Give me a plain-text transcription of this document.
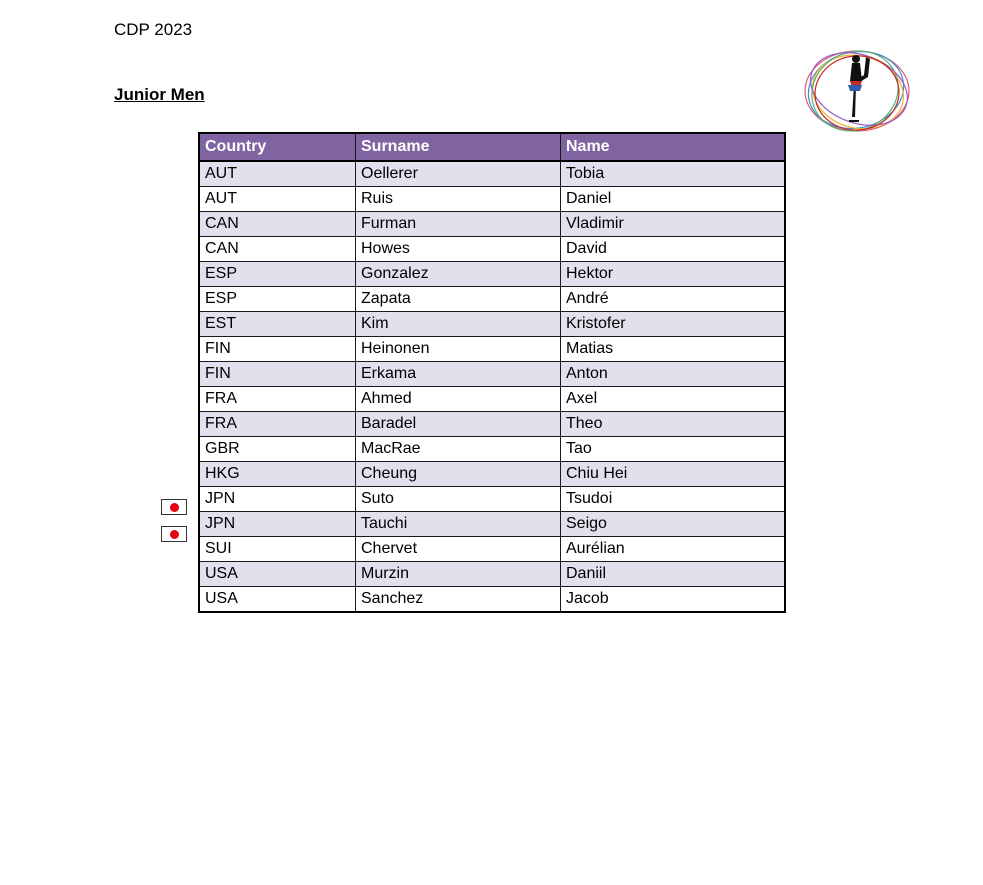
CDP 2023
Junior Men
Country	Surname	Name
AUT	Oellerer	Tobia
AUT	Ruis	Daniel
CAN	Furman	Vladimir
CAN	Howes	David
ESP	Gonzalez	Hektor
ESP	Zapata	André
EST	Kim	Kristofer
FIN	Heinonen	Matias
FIN	Erkama	Anton
FRA	Ahmed	Axel
FRA	Baradel	Theo
GBR	MacRae	Tao
HKG	Cheung	Chiu Hei
JPN	Suto	Tsudoi
JPN	Tauchi	Seigo
SUI	Chervet	Aurélian
USA	Murzin	Daniil
USA	Sanchez	Jacob
